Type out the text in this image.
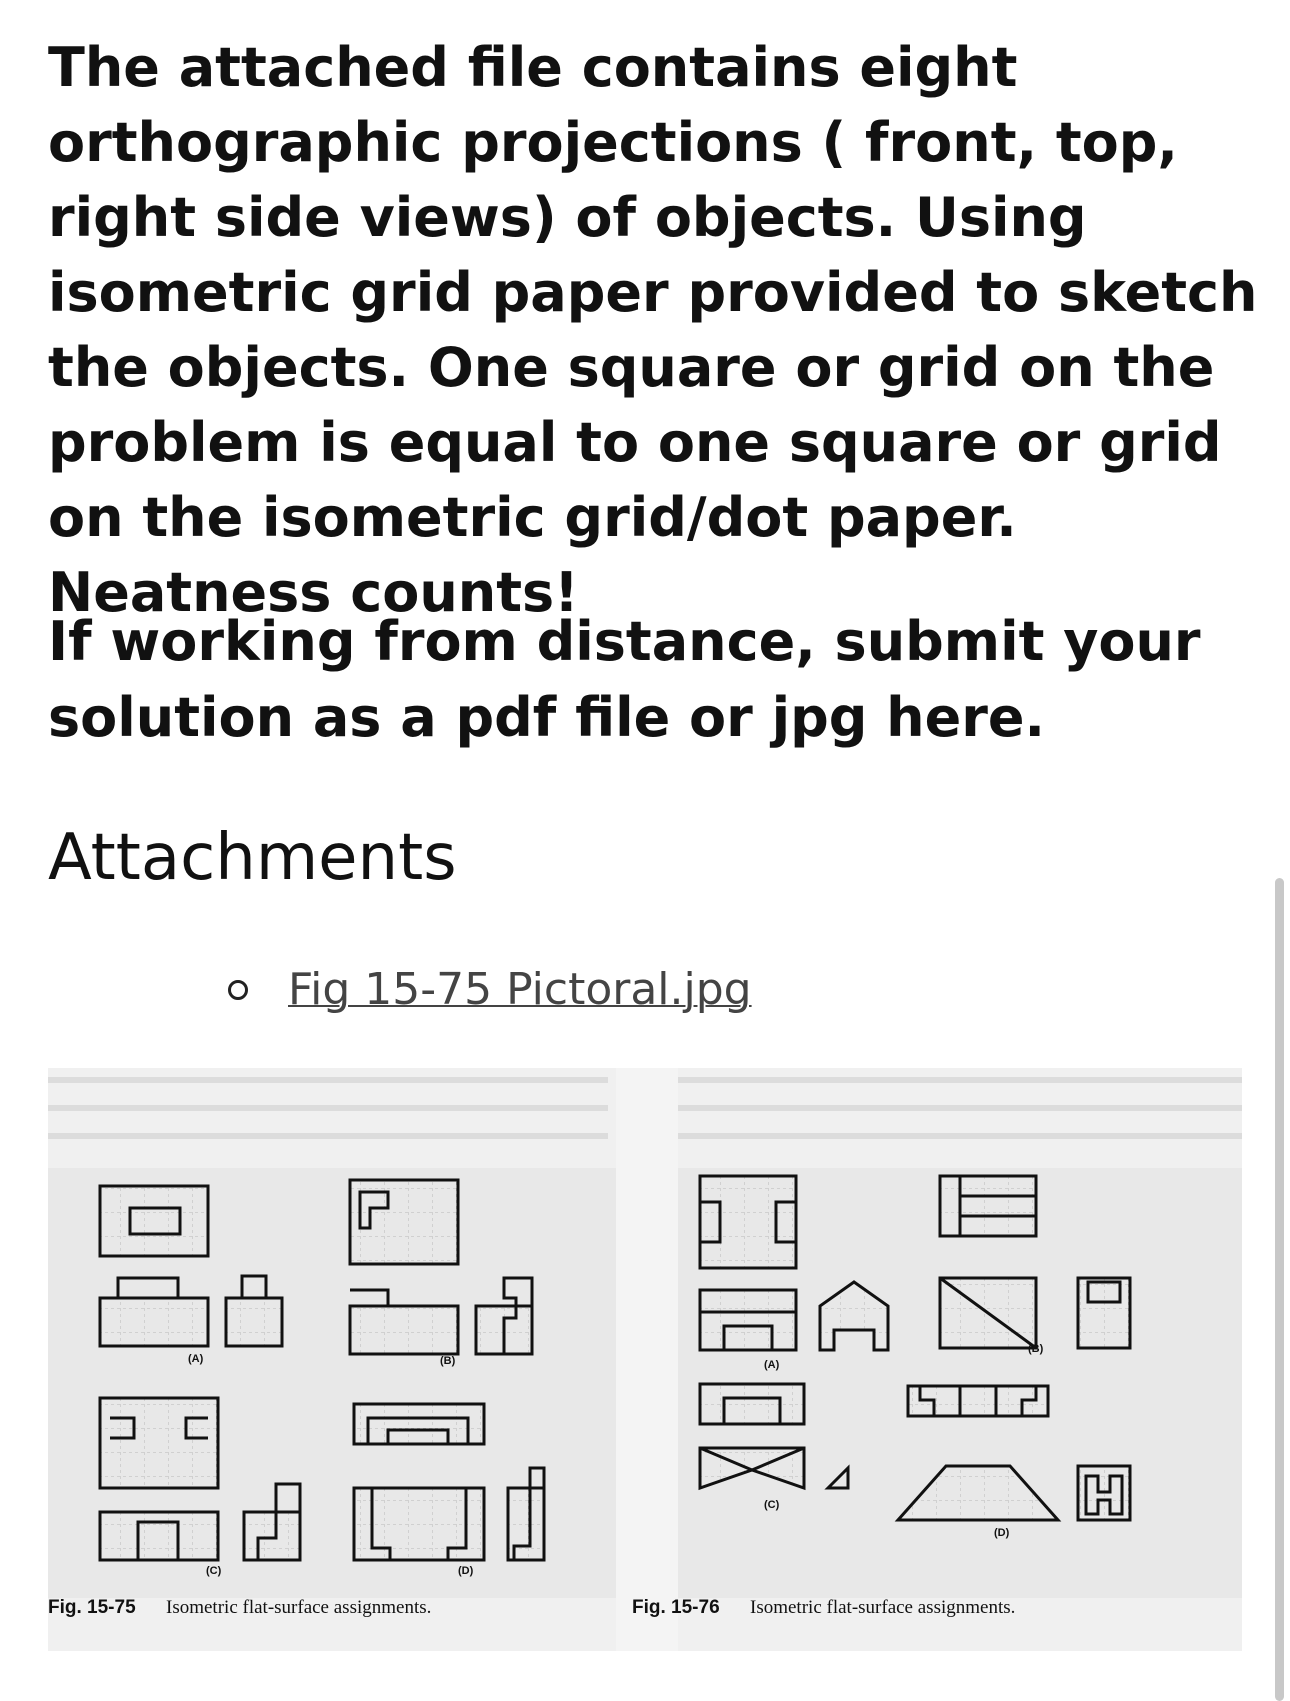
The attached file contains eight orthographic projections ( front, top, right side views) of objects. Using isometric grid paper provided to sketch the objects. One square or grid on the problem is equal to one square or grid on the isometric grid/dot paper. Neatness counts!

If working from distance, submit your solution as a pdf file or jpg here.

Attachments
Fig 15-75 Pictoral.jpg
(A)	(B)
(C)	(D)
Fig. 15-75 Isometric flat-surface assignments.
(A)
(B)
(C)
(D)
Fig. 15-76 Isometric flat-surface assignments.
